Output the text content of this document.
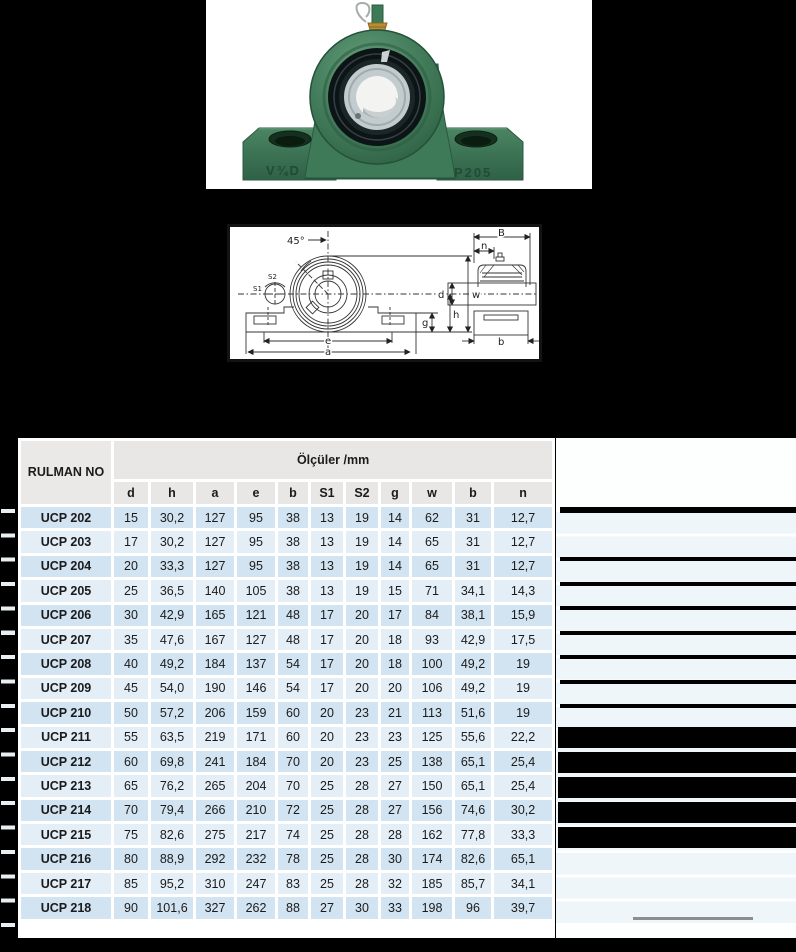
V¾D	P205
45°
S2
S1
w
h
g
e
a
B
n
d
b
RULMAN NO	Ölçüler /mm										
	d	h	a	e	b	S1	S2	g	w	b	n
UCP 202	15	30,2	127	95	38	13	19	14	62	31	12,7
UCP 203	17	30,2	127	95	38	13	19	14	65	31	12,7
UCP 204	20	33,3	127	95	38	13	19	14	65	31	12,7
UCP 205	25	36,5	140	105	38	13	19	15	71	34,1	14,3
UCP 206	30	42,9	165	121	48	17	20	17	84	38,1	15,9
UCP 207	35	47,6	167	127	48	17	20	18	93	42,9	17,5
UCP 208	40	49,2	184	137	54	17	20	18	100	49,2	19
UCP 209	45	54,0	190	146	54	17	20	20	106	49,2	19
UCP 210	50	57,2	206	159	60	20	23	21	113	51,6	19
UCP 211	55	63,5	219	171	60	20	23	23	125	55,6	22,2
UCP 212	60	69,8	241	184	70	20	23	25	138	65,1	25,4
UCP 213	65	76,2	265	204	70	25	28	27	150	65,1	25,4
UCP 214	70	79,4	266	210	72	25	28	27	156	74,6	30,2
UCP 215	75	82,6	275	217	74	25	28	28	162	77,8	33,3
UCP 216	80	88,9	292	232	78	25	28	30	174	82,6	65,1
UCP 217	85	95,2	310	247	83	25	28	32	185	85,7	34,1
UCP 218	90	101,6	327	262	88	27	30	33	198	96	39,7
